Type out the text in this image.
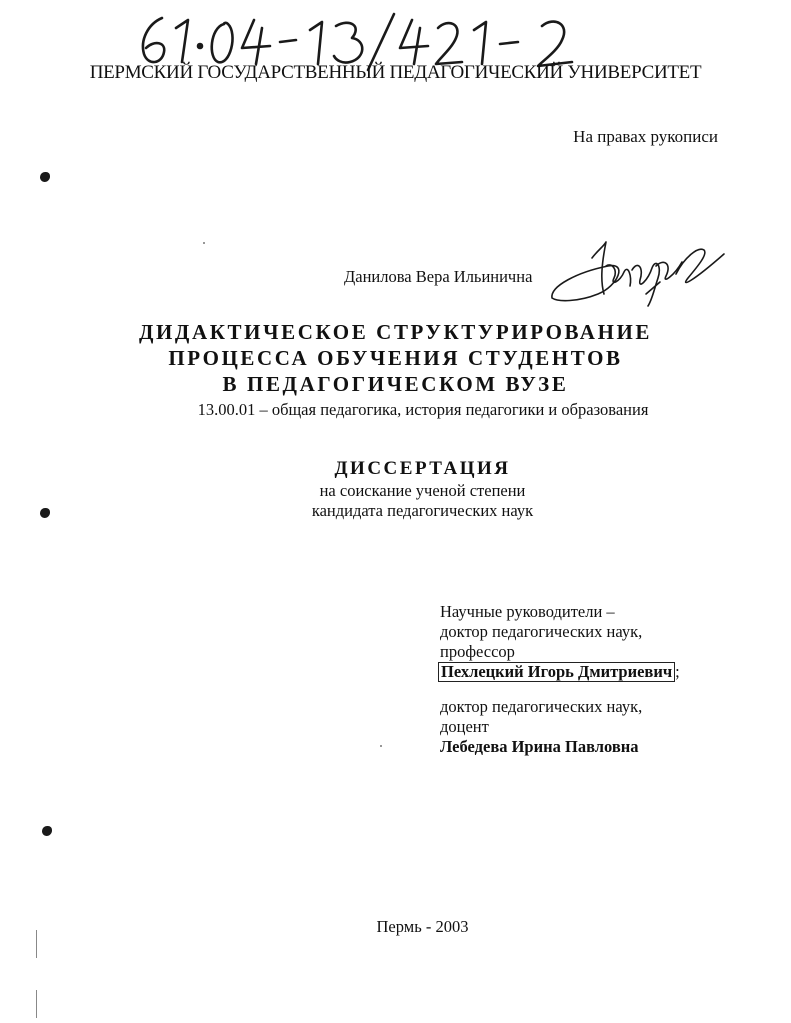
ПЕРМСКИЙ ГОСУДАРСТВЕННЫЙ ПЕДАГОГИЧЕСКИЙ УНИВЕРСИТЕТ
На правах рукописи
Данилова Вера Ильинична
ДИДАКТИЧЕСКОЕ СТРУКТУРИРОВАНИЕ
ПРОЦЕССА ОБУЧЕНИЯ СТУДЕНТОВ
В ПЕДАГОГИЧЕСКОМ ВУЗЕ
13.00.01 – общая педагогика, история педагогики и образования
ДИССЕРТАЦИЯ
на соискание ученой степени
кандидата педагогических наук
Научные руководители –
доктор педагогических наук,
профессор
Пехлецкий Игорь Дмитриевич ;
доктор педагогических наук,
доцент
Лебедева Ирина Павловна
Пермь - 2003
